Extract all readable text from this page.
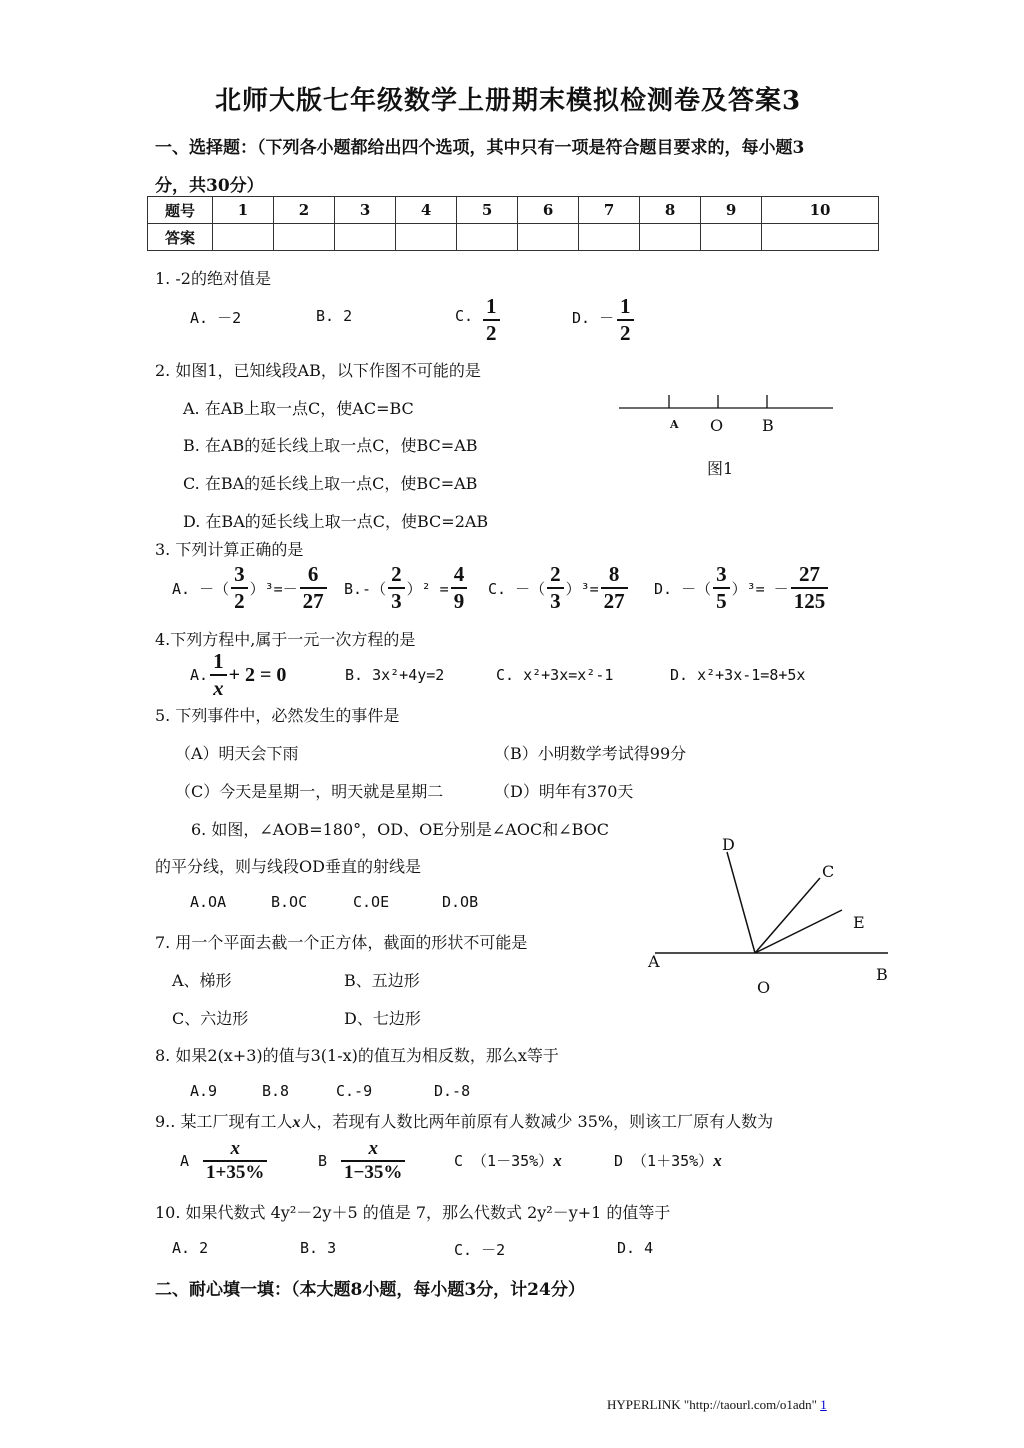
北师大版七年级数学上册期末模拟检测卷及答案3
一、选择题：（下列各小题都给出四个选项，其中只有一项是符合题目要求的，每小题3
分，共30分）
题号	1	2	3	4	5	6	7	8	9	10
答案										
1. -2的绝对值是
A. －2	B. 2	C. $\frac{1}{2}$	D. － $\frac{1}{2}$
2. 如图1，已知线段AB，以下作图不可能的是
A. 在AB上取一点C，使AC=BC
B. 在AB的延长线上取一点C，使BC=AB
C. 在BA的延长线上取一点C，使BC=AB
D. 在BA的延长线上取一点C，使BC=2AB
A O B
图1
3. 下列计算正确的是
A. －（ $\frac{3}{2} )^3=- \frac{6}{27} B.-( \frac{2}{3} )^2 = \frac{4}{9} C$. －（ $\frac{2}{3} )^3= \frac{8}{27} D$. －（ $\frac{3}{5} )^3= - \frac{27}{125}$
4.下列方程中,属于一元一次方程的是
A. $\frac{1}{x} + 2 = 0$	B. 3x²+4y=2	C. x²+3x=x²-1	D. x²+3x-1=8+5x
5. 下列事件中，必然发生的事件是
（A）明天会下雨	（B）小明数学考试得99分
（C）今天是星期一，明天就是星期二	（D）明年有370天
6. 如图，∠AOB=180°，OD、OE分别是∠AOC和∠BOC
的平分线，则与线段OD垂直的射线是
A.OA	B.OC	C.OE	D.OB
D
C
E
A
O
B
7. 用一个平面去截一个正方体，截面的形状不可能是
A、梯形	B、五边形
C、六边形	D、七边形
8. 如果2(x+3)的值与3(1-x)的值互为相反数，那么x等于
A.9	B.8	C.-9	D.-8
9.. 某工厂现有工人x人，若现有人数比两年前原有人数减少 35%，则该工厂原有人数为
A $\frac{x}{1+35\%}$	B $\frac{x}{1-35\%}$	C （1－35%）x	D （1＋35%）x
10. 如果代数式 4y²－2y＋5 的值是 7，那么代数式 2y²－y+1 的值等于
A. 2	B. 3	C. －2	D. 4
二、耐心填一填：（本大题8小题，每小题3分，计24分）
HYPERLINK "http://taourl.com/o1adn" 1
